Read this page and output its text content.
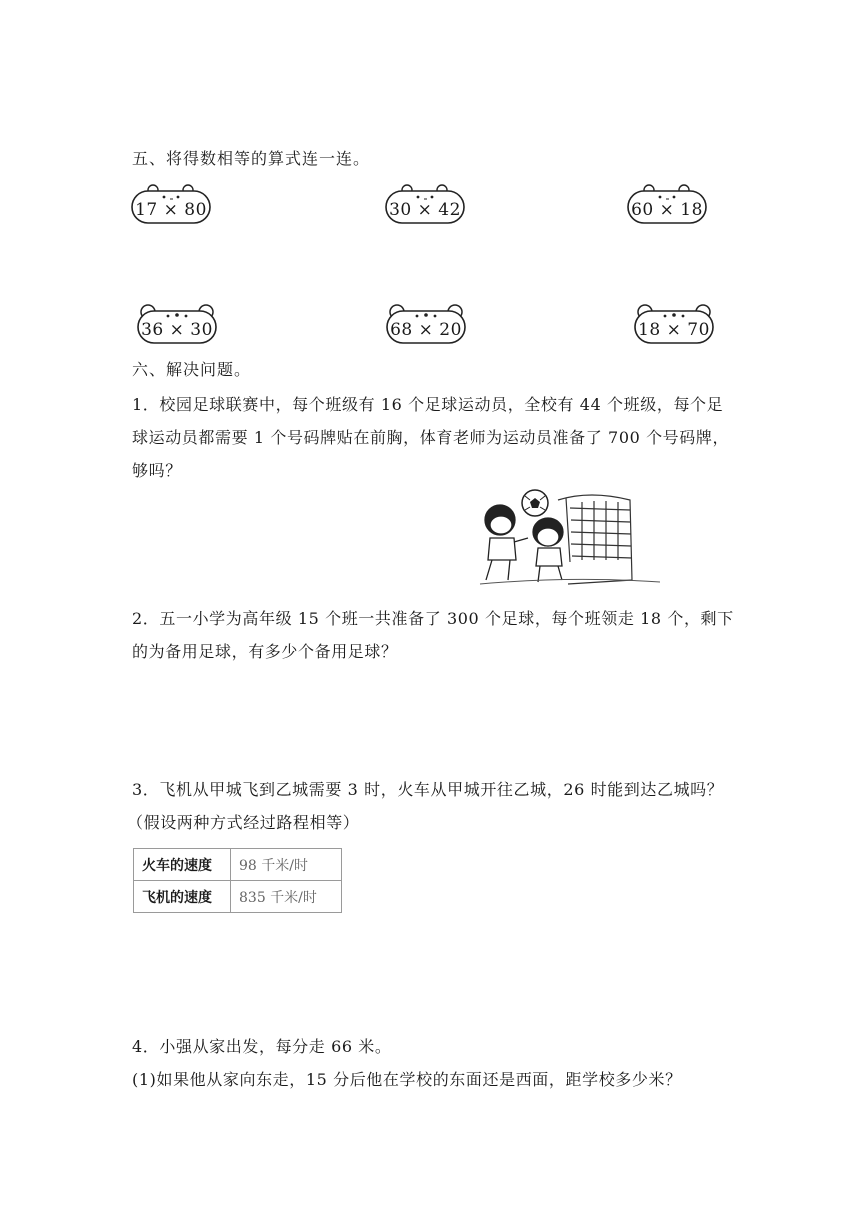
五、将得数相等的算式连一连。
17 × 80	30 × 42	60 × 18
36 × 30	68 × 20	18 × 70
六、解决问题。
1．校园足球联赛中，每个班级有 16 个足球运动员，全校有 44 个班级，每个足
球运动员都需要 1 个号码牌贴在前胸，体育老师为运动员准备了 700 个号码牌，
够吗？
2．五一小学为高年级 15 个班一共准备了 300 个足球，每个班领走 18 个，剩下
的为备用足球，有多少个备用足球？
3．飞机从甲城飞到乙城需要 3 时，火车从甲城开往乙城，26 时能到达乙城吗？
（假设两种方式经过路程相等）
火车的速度	98 千米/时
飞机的速度	835 千米/时
4．小强从家出发，每分走 66 米。
(1)如果他从家向东走，15 分后他在学校的东面还是西面，距学校多少米？
